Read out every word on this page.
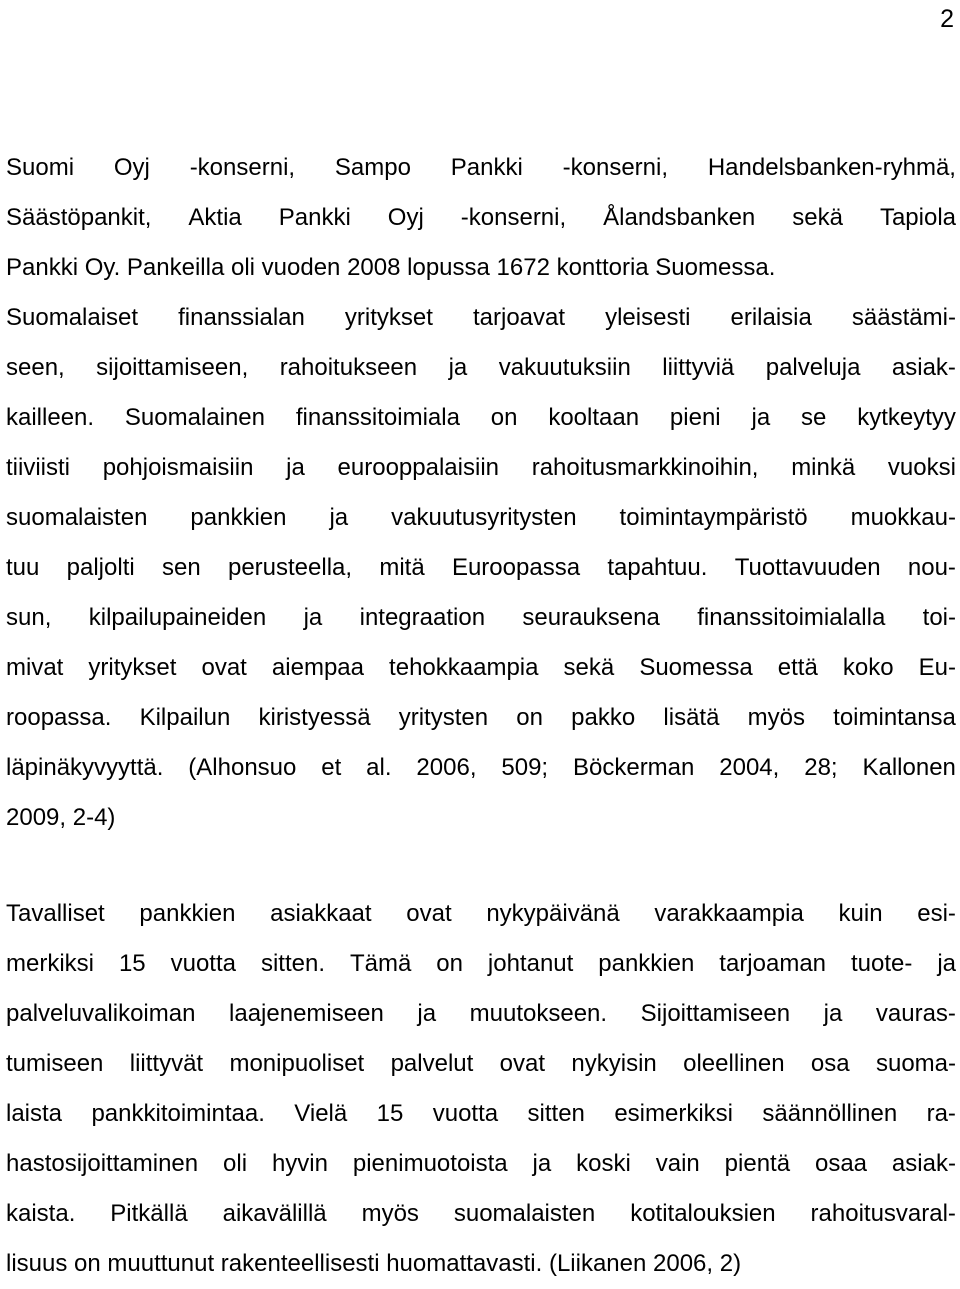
2
Suomi Oyj -konserni, Sampo Pankki -konserni, Handelsbanken-ryhmä,
Säästöpankit, Aktia Pankki Oyj -konserni, Ålandsbanken sekä Tapiola
Pankki Oy. Pankeilla oli vuoden 2008 lopussa 1672 konttoria Suomessa.
Suomalaiset finanssialan yritykset tarjoavat yleisesti erilaisia säästämi-
seen, sijoittamiseen, rahoitukseen ja vakuutuksiin liittyviä palveluja asiak-
kailleen. Suomalainen finanssitoimiala on kooltaan pieni ja se kytkeytyy
tiiviisti pohjoismaisiin ja eurooppalaisiin rahoitusmarkkinoihin, minkä vuoksi
suomalaisten pankkien ja vakuutusyritysten toimintaympäristö muokkau-
tuu paljolti sen perusteella, mitä Euroopassa tapahtuu. Tuottavuuden nou-
sun, kilpailupaineiden ja integraation seurauksena finanssitoimialalla toi-
mivat yritykset ovat aiempaa tehokkaampia sekä Suomessa että koko Eu-
roopassa. Kilpailun kiristyessä yritysten on pakko lisätä myös toimintansa
läpinäkyvyyttä. (Alhonsuo et al. 2006, 509; Böckerman 2004, 28; Kallonen
2009, 2-4)
Tavalliset pankkien asiakkaat ovat nykypäivänä varakkaampia kuin esi-
merkiksi 15 vuotta sitten. Tämä on johtanut pankkien tarjoaman tuote- ja
palveluvalikoiman laajenemiseen ja muutokseen. Sijoittamiseen ja vauras-
tumiseen liittyvät monipuoliset palvelut ovat nykyisin oleellinen osa suoma-
laista pankkitoimintaa. Vielä 15 vuotta sitten esimerkiksi säännöllinen ra-
hastosijoittaminen oli hyvin pienimuotoista ja koski vain pientä osaa asiak-
kaista. Pitkällä aikavälillä myös suomalaisten kotitalouksien rahoitusvaral-
lisuus on muuttunut rakenteellisesti huomattavasti. (Liikanen 2006, 2)
